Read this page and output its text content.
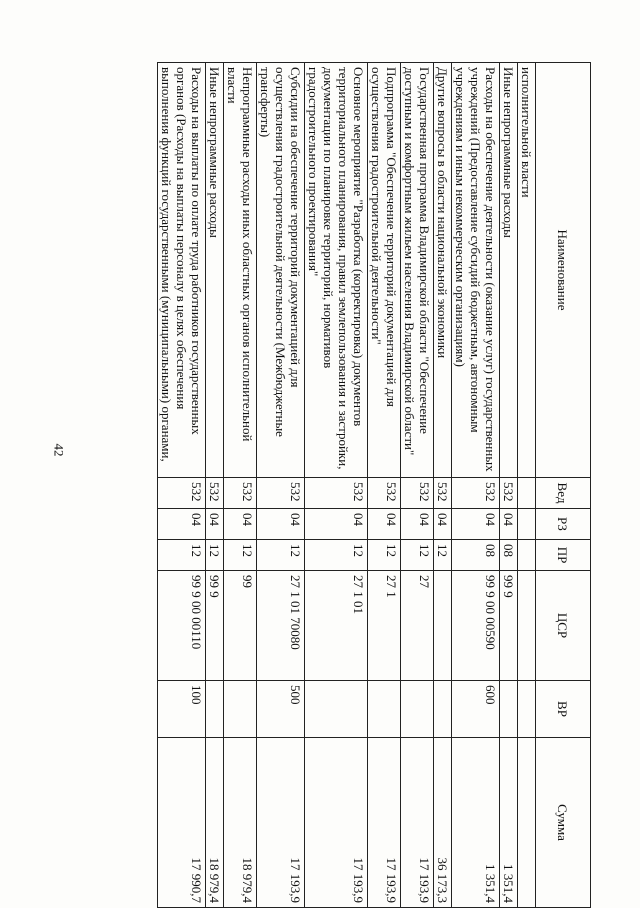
42
Наименование	Вед	РЗ	ПР	ЦСР	ВР	Сумма
исполнительной власти						
Иные непрограммные расходы	532	04	08	99 9		1 351,4
Расходы на обеспечение деятельности (оказание услуг) государственных учреждений (Предоставление субсидий бюджетным, автономным учреждениям и иным некоммерческим организациям)	532	04	08	99 9 00 00590	600	1 351,4
Другие вопросы в области национальной экономики	532	04	12			36 173,3
Государственная программа Владимирской области "Обеспечение доступным и комфортным жильем населения Владимирской области"	532	04	12	27		17 193,9
Подпрограмма "Обеспечение территорий документацией для осуществления градостроительной деятельности"	532	04	12	27 1		17 193,9
Основное мероприятие "Разработка (корректировка) документов территориального планирования, правил землепользования и застройки, документации по планировке территорий, нормативов градостроительного проектирования"	532	04	12	27 1 01		17 193,9
Субсидии на обеспечение территорий документацией для осуществления градостроительной деятельности (Межбюджетные трансферты)	532	04	12	27 1 01 70080	500	17 193,9
Непрограммные расходы иных областных органов исполнительной власти	532	04	12	99		18 979,4
Иные непрограммные расходы	532	04	12	99 9		18 979,4
Расходы на выплаты по оплате труда работников государственных органов (Расходы на выплаты персоналу в целях обеспечения выполнения функций государственными (муниципальными) органами,	532	04	12	99 9 00 00110	100	17 990,7
